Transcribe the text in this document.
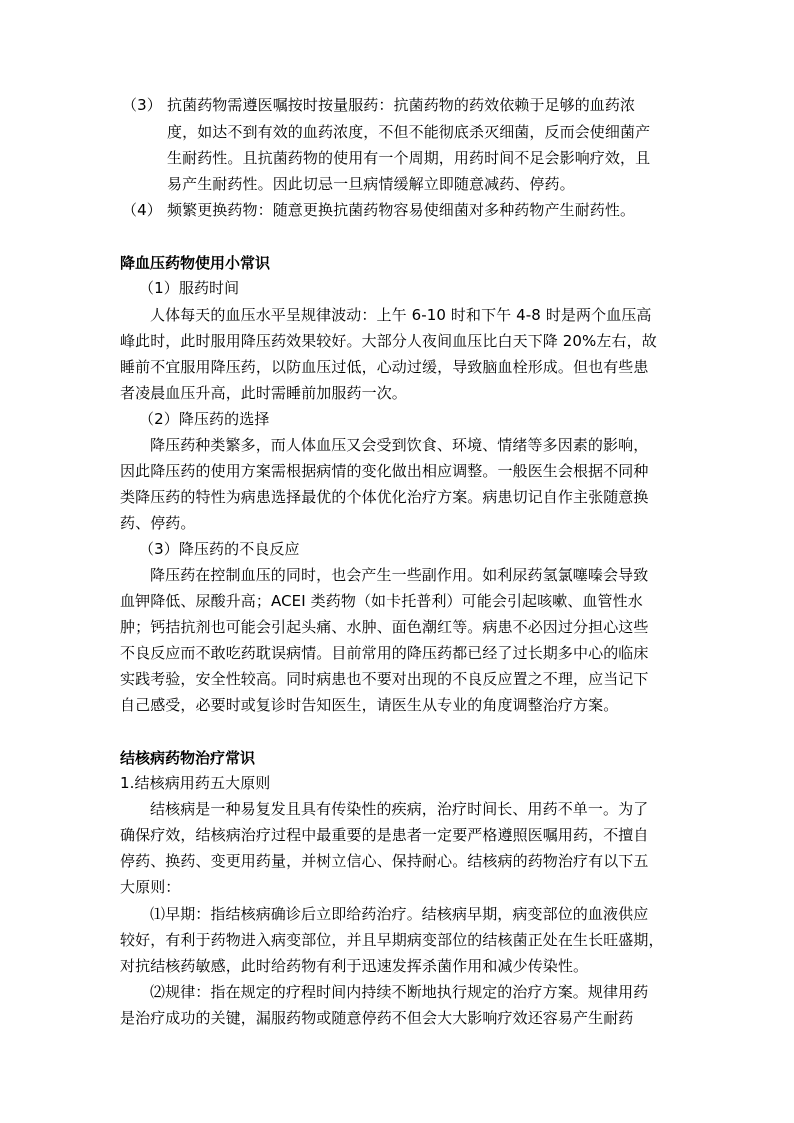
（3） 抗菌药物需遵医嘱按时按量服药：抗菌药物的药效依赖于足够的血药浓
度，如达不到有效的血药浓度，不但不能彻底杀灭细菌，反而会使细菌产
生耐药性。且抗菌药物的使用有一个周期，用药时间不足会影响疗效，且
易产生耐药性。因此切忌一旦病情缓解立即随意减药、停药。
（4） 频繁更换药物：随意更换抗菌药物容易使细菌对多种药物产生耐药性。
降血压药物使用小常识
（1）服药时间
人体每天的血压水平呈规律波动：上午 6-10 时和下午 4-8 时是两个血压高
峰此时，此时服用降压药效果较好。大部分人夜间血压比白天下降 20%左右，故
睡前不宜服用降压药，以防血压过低，心动过缓，导致脑血栓形成。但也有些患
者凌晨血压升高，此时需睡前加服药一次。
（2）降压药的选择
降压药种类繁多，而人体血压又会受到饮食、环境、情绪等多因素的影响，
因此降压药的使用方案需根据病情的变化做出相应调整。一般医生会根据不同种
类降压药的特性为病患选择最优的个体优化治疗方案。病患切记自作主张随意换
药、停药。
（3）降压药的不良反应
降压药在控制血压的同时，也会产生一些副作用。如利尿药氢氯噻嗪会导致
血钾降低、尿酸升高；ACEI 类药物（如卡托普利）可能会引起咳嗽、血管性水
肿；钙拮抗剂也可能会引起头痛、水肿、面色潮红等。病患不必因过分担心这些
不良反应而不敢吃药耽误病情。目前常用的降压药都已经了过长期多中心的临床
实践考验，安全性较高。同时病患也不要对出现的不良反应置之不理，应当记下
自己感受，必要时或复诊时告知医生，请医生从专业的角度调整治疗方案。
结核病药物治疗常识
1.结核病用药五大原则
结核病是一种易复发且具有传染性的疾病，治疗时间长、用药不单一。为了
确保疗效，结核病治疗过程中最重要的是患者一定要严格遵照医嘱用药，不擅自
停药、换药、变更用药量，并树立信心、保持耐心。结核病的药物治疗有以下五
大原则：
⑴早期：指结核病确诊后立即给药治疗。结核病早期，病变部位的血液供应
较好，有利于药物进入病变部位，并且早期病变部位的结核菌正处在生长旺盛期，
对抗结核药敏感，此时给药物有利于迅速发挥杀菌作用和减少传染性。
⑵规律：指在规定的疗程时间内持续不断地执行规定的治疗方案。规律用药
是治疗成功的关键，漏服药物或随意停药不但会大大影响疗效还容易产生耐药
